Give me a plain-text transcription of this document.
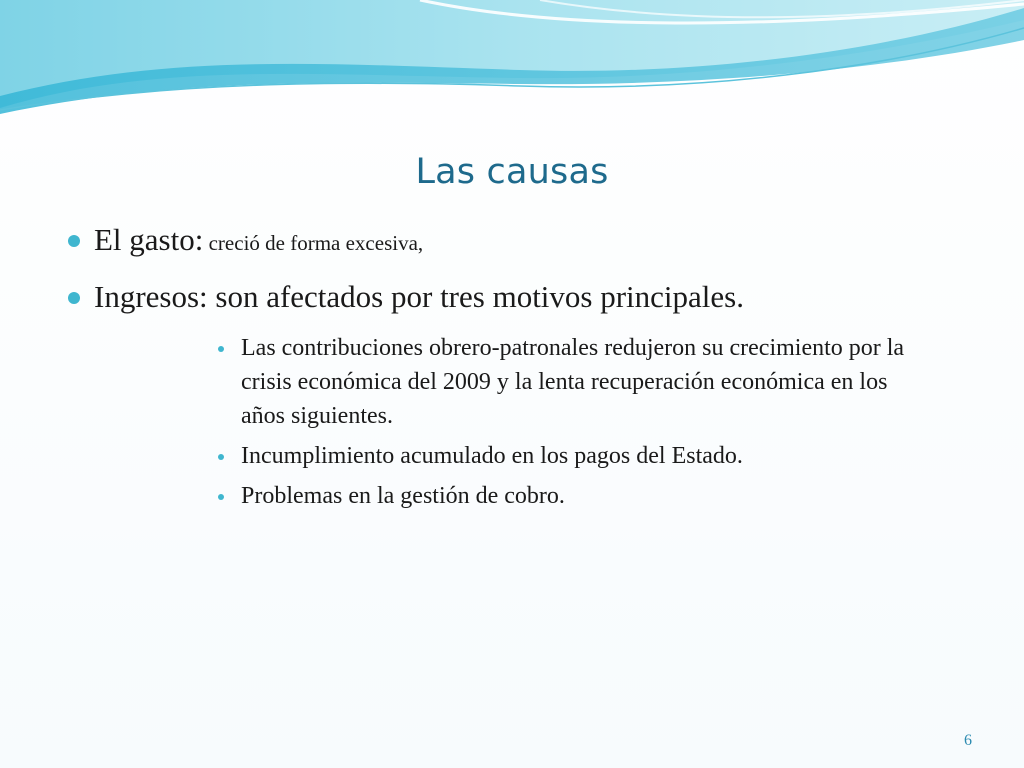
Las causas
El gasto: creció de forma excesiva,
Ingresos: son afectados por tres motivos principales.
Las contribuciones obrero-patronales redujeron su crecimiento por la crisis económica del 2009 y la lenta recuperación económica en los años siguientes.
Incumplimiento acumulado en los pagos del Estado.
Problemas en la gestión de cobro.
6
